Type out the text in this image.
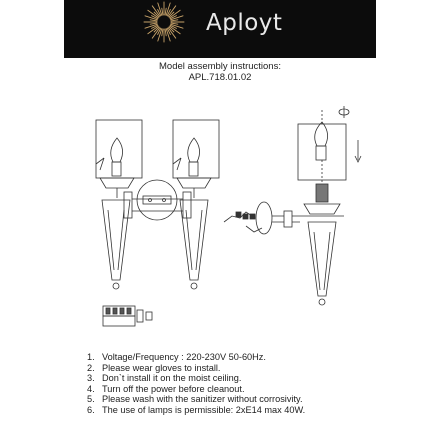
Aployt
Model assembly instructions:
APL.718.01.02
1. Voltage/Frequency : 220-230V 50-60Hz.
2. Please wear gloves to install.
3. Don`t install it on the moist ceiling.
4. Turn off the power before cleanout.
5. Please wash with the sanitizer without corrosivity.
6. The use of lamps is permissible: 2xE14 max 40W.
